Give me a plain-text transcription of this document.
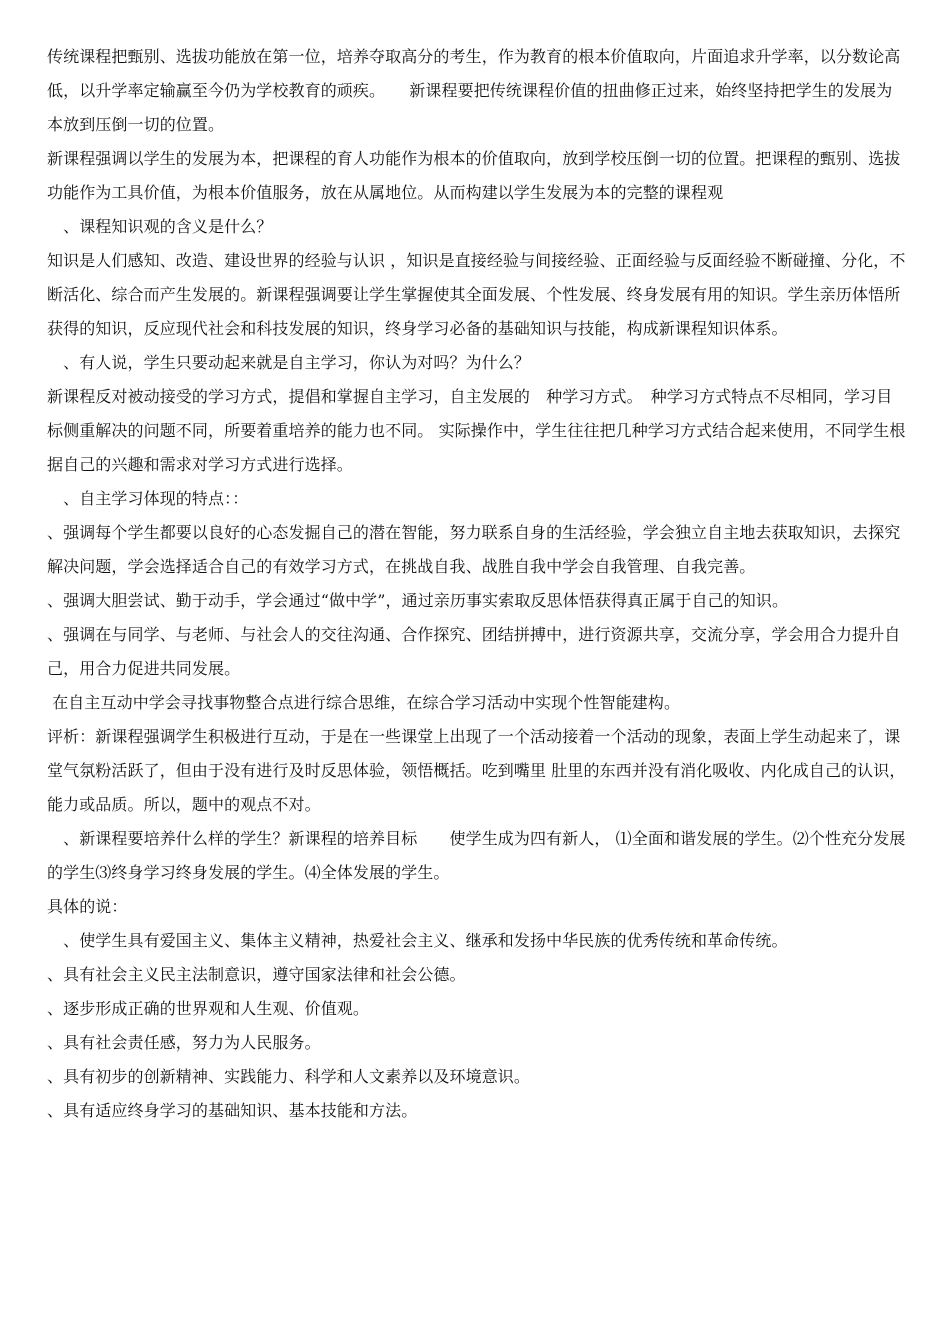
传统课程把甄别、选拔功能放在第一位，培养夺取高分的考生，作为教育的根本价值取向，片面追求升学率，以分数论高低，以升学率定输赢至今仍为学校教育的顽疾。　　新课程要把传统课程价值的扭曲修正过来，始终坚持把学生的发展为本放到压倒一切的位置。

新课程强调以学生的发展为本，把课程的育人功能作为根本的价值取向，放到学校压倒一切的位置。把课程的甄别、选拔功能作为工具价值，为根本价值服务，放在从属地位。从而构建以学生发展为本的完整的课程观

　、课程知识观的含义是什么？

知识是人们感知、改造、建设世界的经验与认识 ，知识是直接经验与间接经验、正面经验与反面经验不断碰撞、分化，不断活化、综合而产生发展的。新课程强调要让学生掌握使其全面发展、个性发展、终身发展有用的知识。学生亲历体悟所获得的知识，反应现代社会和科技发展的知识，终身学习必备的基础知识与技能，构成新课程知识体系。

　、有人说，学生只要动起来就是自主学习，你认为对吗？为什么？

新课程反对被动接受的学习方式，提倡和掌握自主学习，自主发展的　种学习方式。　种学习方式特点不尽相同，学习目标侧重解决的问题不同，所要着重培养的能力也不同。 实际操作中，学生往往把几种学习方式结合起来使用，不同学生根据自己的兴趣和需求对学习方式进行选择。

　、自主学习体现的特点：：

、强调每个学生都要以良好的心态发掘自己的潜在智能，努力联系自身的生活经验，学会独立自主地去获取知识，去探究解决问题，学会选择适合自己的有效学习方式，在挑战自我、战胜自我中学会自我管理、自我完善。

、强调大胆尝试、勤于动手，学会通过“做中学”，通过亲历事实索取反思体悟获得真正属于自己的知识。

、强调在与同学、与老师、与社会人的交往沟通、合作探究、团结拼搏中，进行资源共享，交流分享，学会用合力提升自己，用合力促进共同发展。

在自主互动中学会寻找事物整合点进行综合思维，在综合学习活动中实现个性智能建构。

评析：新课程强调学生积极进行互动，于是在一些课堂上出现了一个活动接着一个活动的现象，表面上学生动起来了，课堂气氛粉活跃了，但由于没有进行及时反思体验，领悟概括。吃到嘴里 肚里的东西并没有消化吸收、内化成自己的认识，能力或品质。所以，题中的观点不对。

　、新课程要培养什么样的学生？新课程的培养目标　　使学生成为四有新人， ⑴全面和谐发展的学生。⑵个性充分发展的学生⑶终身学习终身发展的学生。⑷全体发展的学生。

具体的说：

　、使学生具有爱国主义、集体主义精神，热爱社会主义、继承和发扬中华民族的优秀传统和革命传统。

、具有社会主义民主法制意识，遵守国家法律和社会公德。

、逐步形成正确的世界观和人生观、价值观。

、具有社会责任感，努力为人民服务。

、具有初步的创新精神、实践能力、科学和人文素养以及环境意识。

、具有适应终身学习的基础知识、基本技能和方法。
